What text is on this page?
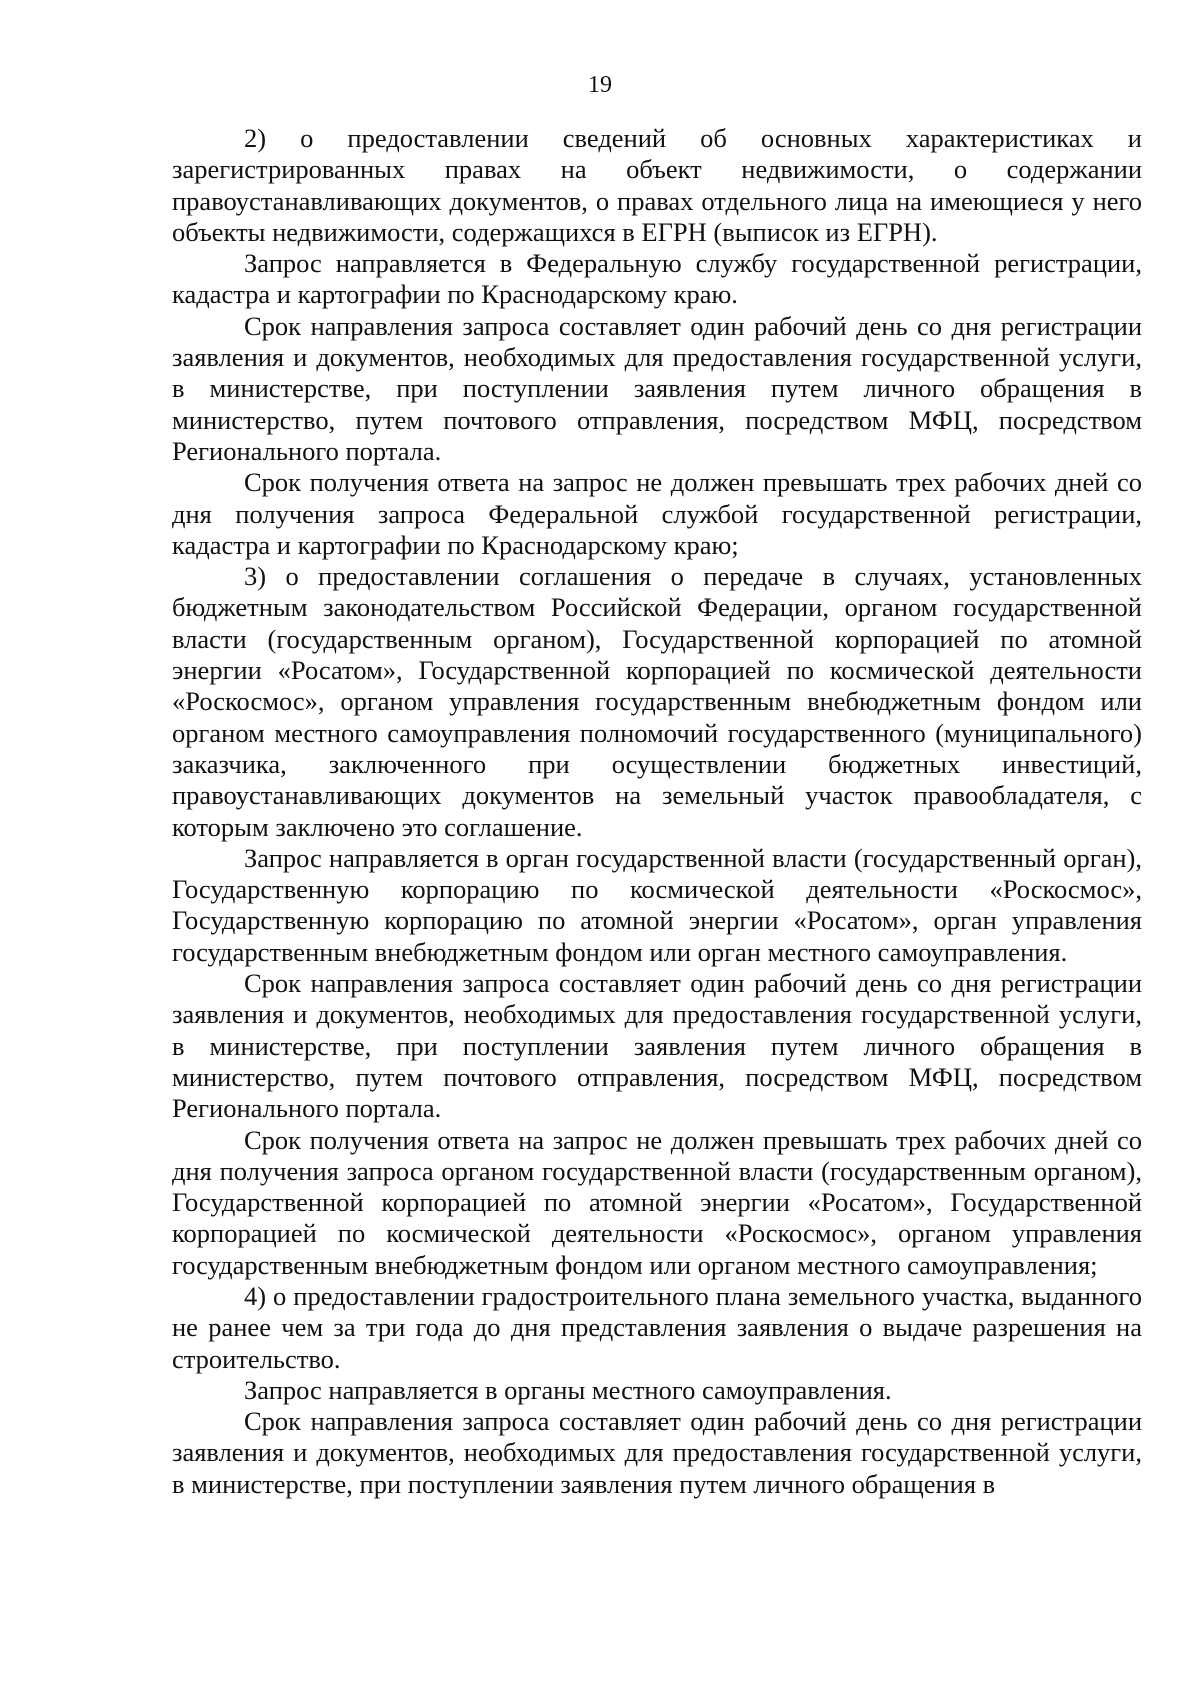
19

2) о предоставлении сведений об основных характеристиках и зарегистрированных правах на объект недвижимости, о содержании правоустанавливающих документов, о правах отдельного лица на имеющиеся у него объекты недвижимости, содержащихся в ЕГРН (выписок из ЕГРН).

Запрос направляется в Федеральную службу государственной регистрации, кадастра и картографии по Краснодарскому краю.

Срок направления запроса составляет один рабочий день со дня регистрации заявления и документов, необходимых для предоставления государственной услуги, в министерстве, при поступлении заявления путем личного обращения в министерство, путем почтового отправления, посредством МФЦ, посредством Регионального портала.

Срок получения ответа на запрос не должен превышать трех рабочих дней со дня получения запроса Федеральной службой государственной регистрации, кадастра и картографии по Краснодарскому краю;

3) о предоставлении соглашения о передаче в случаях, установленных бюджетным законодательством Российской Федерации, органом государственной власти (государственным органом), Государственной корпорацией по атомной энергии «Росатом», Государственной корпорацией по космической деятельности «Роскосмос», органом управления государственным внебюджетным фондом или органом местного самоуправления полномочий государственного (муниципального) заказчика, заключенного при осуществлении бюджетных инвестиций, правоустанавливающих документов на земельный участок правообладателя, с которым заключено это соглашение.

Запрос направляется в орган государственной власти (государственный орган), Государственную корпорацию по космической деятельности «Роскосмос», Государственную корпорацию по атомной энергии «Росатом», орган управления государственным внебюджетным фондом или орган местного самоуправления.

Срок направления запроса составляет один рабочий день со дня регистрации заявления и документов, необходимых для предоставления государственной услуги, в министерстве, при поступлении заявления путем личного обращения в министерство, путем почтового отправления, посредством МФЦ, посредством Регионального портала.

Срок получения ответа на запрос не должен превышать трех рабочих дней со дня получения запроса органом государственной власти (государственным органом), Государственной корпорацией по атомной энергии «Росатом», Государственной корпорацией по космической деятельности «Роскосмос», органом управления государственным внебюджетным фондом или органом местного самоуправления;

4) о предоставлении градостроительного плана земельного участка, выданного не ранее чем за три года до дня представления заявления о выдаче разрешения на строительство.

Запрос направляется в органы местного самоуправления.

Срок направления запроса составляет один рабочий день со дня регистрации заявления и документов, необходимых для предоставления государственной услуги, в министерстве, при поступлении заявления путем личного обращения в
